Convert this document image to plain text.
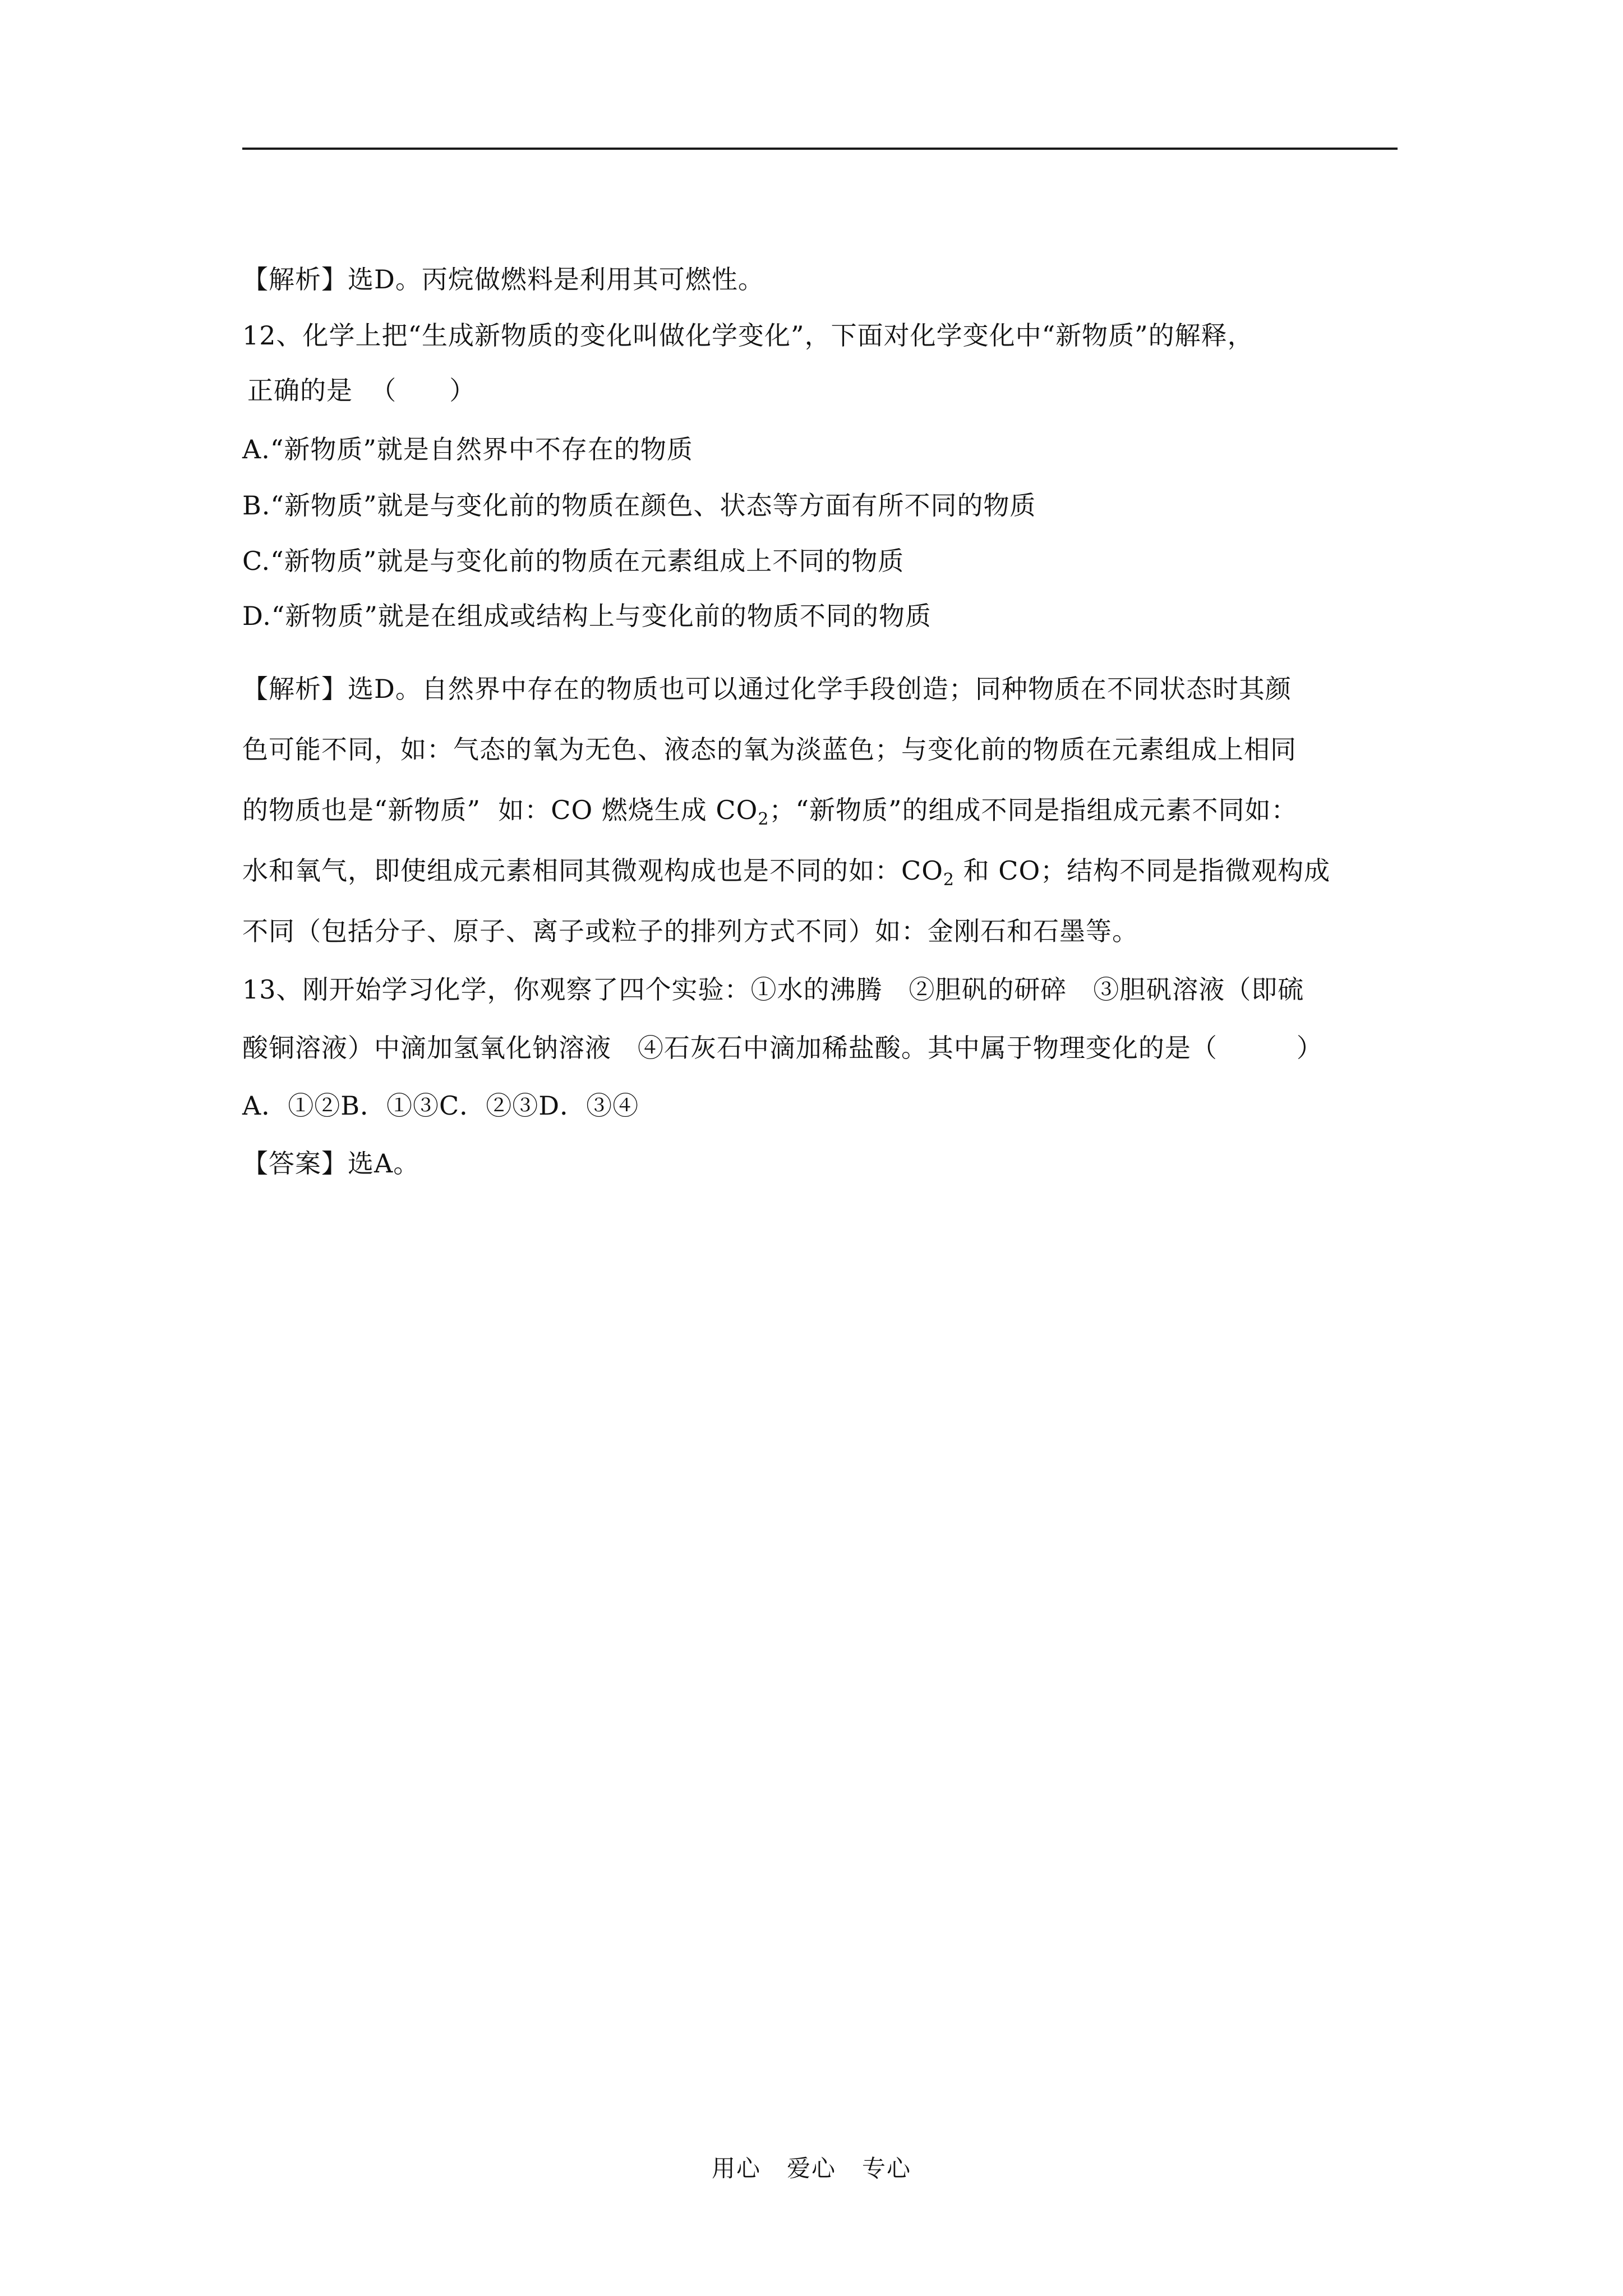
【解析】选D。丙烷做燃料是利用其可燃性。
12、化学上把“生成新物质的变化叫做化学变化”，下面对化学变化中“新物质”的解释，
正确的是  （　　）
A.“新物质”就是自然界中不存在的物质
B.“新物质”就是与变化前的物质在颜色、状态等方面有所不同的物质
C.“新物质”就是与变化前的物质在元素组成上不同的物质
D.“新物质”就是在组成或结构上与变化前的物质不同的物质
【解析】选D。自然界中存在的物质也可以通过化学手段创造；同种物质在不同状态时其颜
色可能不同，如：气态的氧为无色、液态的氧为淡蓝色；与变化前的物质在元素组成上相同
的物质也是“新物质”  如：CO 燃烧生成 $CO_2$；“新物质”的组成不同是指组成元素不同如：
水和氧气，即使组成元素相同其微观构成也是不同的如：$CO_2$ 和 CO；结构不同是指微观构成
不同（包括分子、原子、离子或粒子的排列方式不同）如：金刚石和石墨等。
13、刚开始学习化学，你观察了四个实验：①水的沸腾   ②胆矾的研碎   ③胆矾溶液（即硫
酸铜溶液）中滴加氢氧化钠溶液   ④石灰石中滴加稀盐酸。其中属于物理变化的是（　　　）
A．①②B．①③C．②③D．③④
【答案】选A。
用心   爱心   专心
